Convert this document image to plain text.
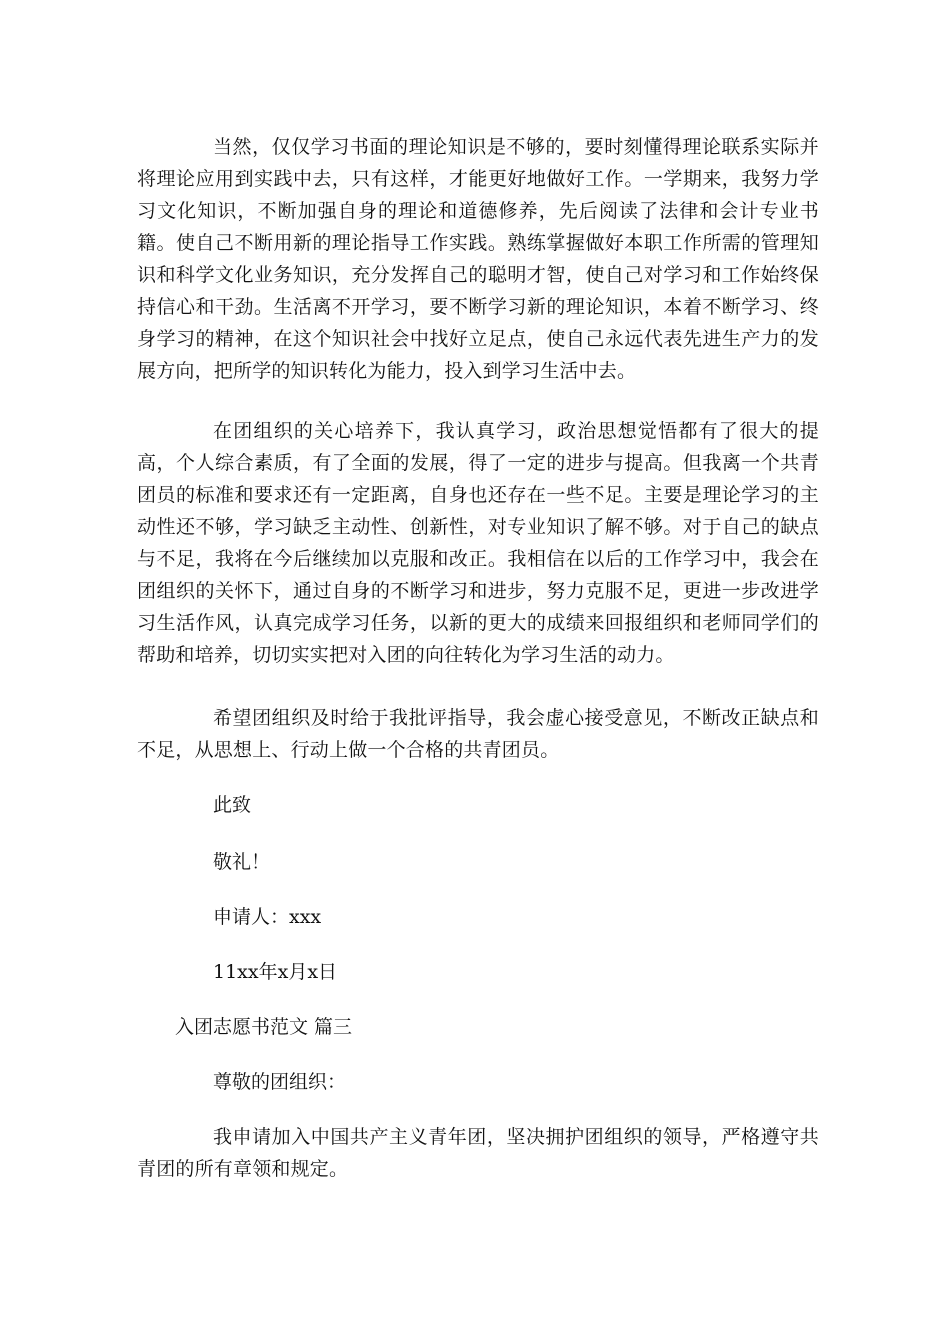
当然，仅仅学习书面的理论知识是不够的，要时刻懂得理论联系实际并将理论应用到实践中去，只有这样，才能更好地做好工作。一学期来，我努力学习文化知识，不断加强自身的理论和道德修养，先后阅读了法律和会计专业书籍。使自己不断用新的理论指导工作实践。熟练掌握做好本职工作所需的管理知识和科学文化业务知识，充分发挥自己的聪明才智，使自己对学习和工作始终保持信心和干劲。生活离不开学习，要不断学习新的理论知识，本着不断学习、终身学习的精神，在这个知识社会中找好立足点，使自己永远代表先进生产力的发展方向，把所学的知识转化为能力，投入到学习生活中去。

在团组织的关心培养下，我认真学习，政治思想觉悟都有了很大的提高，个人综合素质，有了全面的发展，得了一定的进步与提高。但我离一个共青团员的标准和要求还有一定距离，自身也还存在一些不足。主要是理论学习的主动性还不够，学习缺乏主动性、创新性，对专业知识了解不够。对于自己的缺点与不足，我将在今后继续加以克服和改正。我相信在以后的工作学习中，我会在团组织的关怀下，通过自身的不断学习和进步，努力克服不足，更进一步改进学习生活作风，认真完成学习任务，以新的更大的成绩来回报组织和老师同学们的帮助和培养，切切实实把对入团的向往转化为学习生活的动力。

希望团组织及时给于我批评指导，我会虚心接受意见，不断改正缺点和不足，从思想上、行动上做一个合格的共青团员。

此致

敬礼！

申请人：xxx

11xx年x月x日

入团志愿书范文 篇三

尊敬的团组织：

我申请加入中国共产主义青年团，坚决拥护团组织的领导，严格遵守共青团的所有章领和规定。
